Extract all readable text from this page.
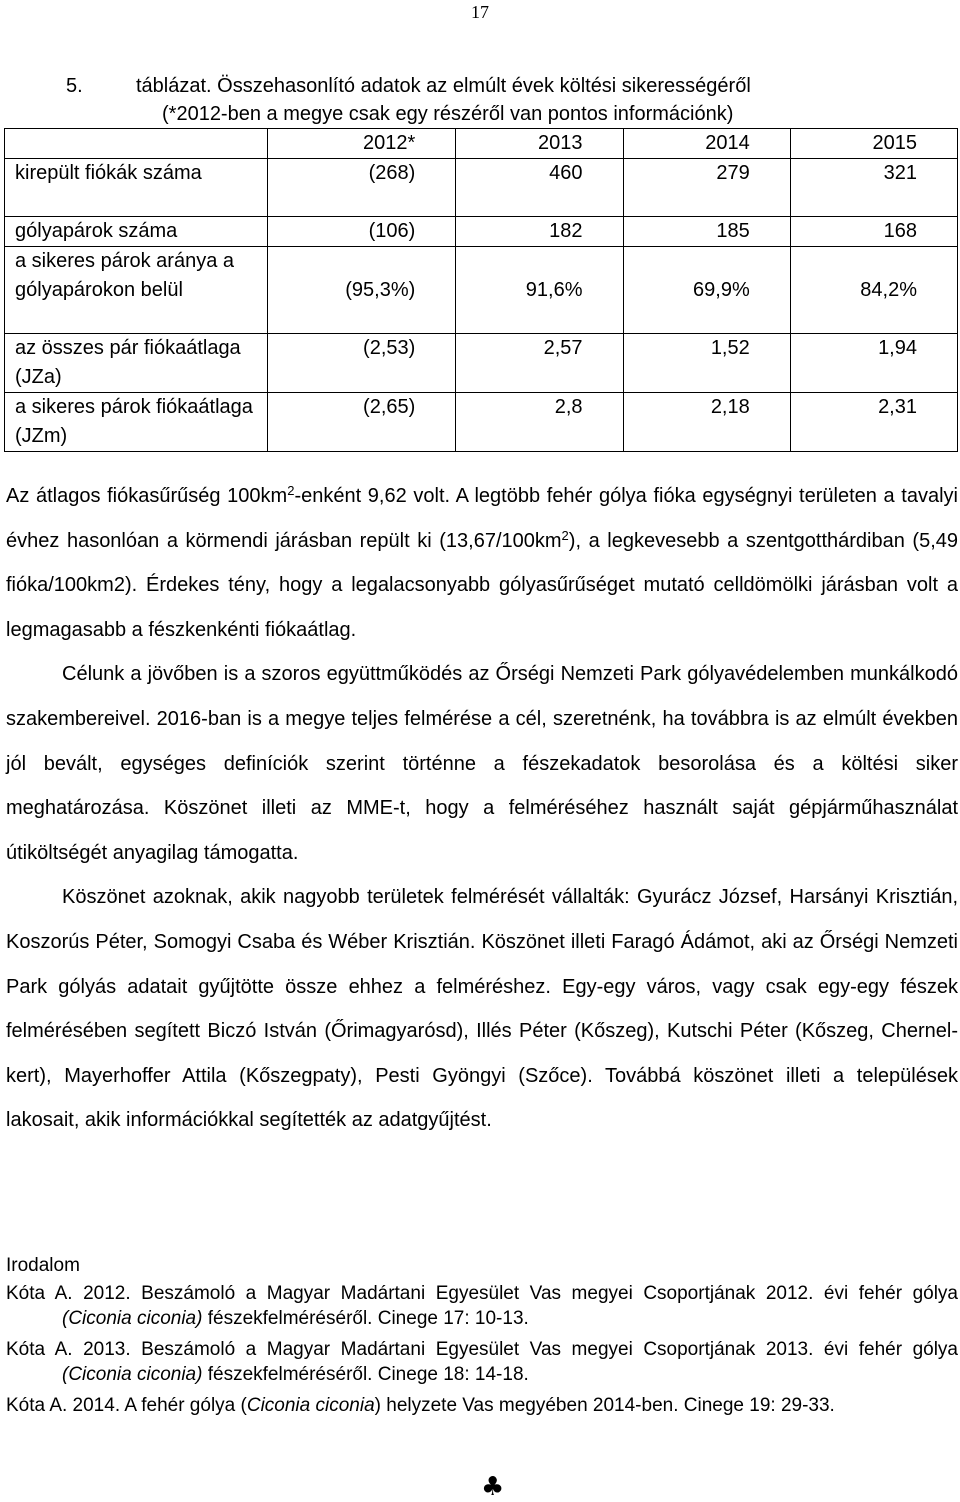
17
5.	táblázat. Összehasonlító adatok az elmúlt évek költési sikerességéről
(*2012-ben a megye csak egy részéről van pontos információnk)
	2012*	2013	2014	2015
kirepült fiókák száma	(268)	460	279	321
gólyapárok száma	(106)	182	185	168
a sikeres párok aránya a gólyapárokon belül	(95,3%)	91,6%	69,9%	84,2%
az összes pár fiókaátlaga (JZa)	(2,53)	2,57	1,52	1,94
a sikeres párok fiókaátlaga (JZm)	(2,65)	2,8	2,18	2,31

Az átlagos fiókasűrűség $100km^2$-enként 9,62 volt. A legtöbb fehér gólya fióka egységnyi területen a tavalyi évhez hasonlóan a körmendi járásban repült ki $(13,67/100km^2)$, a legkevesebb a szentgotthárdiban (5,49 fióka/100km2). Érdekes tény, hogy a legalacsonyabb gólyasűrűséget mutató celldömölki járásban volt a legmagasabb a fészkenkénti fiókaátlag.

Célunk a jövőben is a szoros együttműködés az Őrségi Nemzeti Park gólyavédelemben munkálkodó szakembereivel. 2016-ban is a megye teljes felmérése a cél, szeretnénk, ha továbbra is az elmúlt években jól bevált, egységes definíciók szerint történne a fészekadatok besorolása és a költési siker meghatározása. Köszönet illeti az MME-t, hogy a felméréséhez használt saját gépjárműhasználat útiköltségét anyagilag támogatta.

Köszönet azoknak, akik nagyobb területek felmérését vállalták: Gyurácz József, Harsányi Krisztián, Koszorús Péter, Somogyi Csaba és Wéber Krisztián. Köszönet illeti Faragó Ádámot, aki az Őrségi Nemzeti Park gólyás adatait gyűjtötte össze ehhez a felméréshez. Egy-egy város, vagy csak egy-egy fészek felmérésében segített Biczó István (Őrimagyarósd), Illés Péter (Kőszeg), Kutschi Péter (Kőszeg, Chernel-kert), Mayerhoffer Attila (Kőszegpaty), Pesti Gyöngyi (Szőce). Továbbá köszönet illeti a települések lakosait, akik információkkal segítették az adatgyűjtést.

Irodalom
Kóta A. 2012. Beszámoló a Magyar Madártani Egyesület Vas megyei Csoportjának 2012. évi fehér gólya (Ciconia ciconia) fészekfelméréséről. Cinege 17: 10-13.
Kóta A. 2013. Beszámoló a Magyar Madártani Egyesület Vas megyei Csoportjának 2013. évi fehér gólya (Ciconia ciconia) fészekfelméréséről. Cinege 18: 14-18.
Kóta A. 2014. A fehér gólya (Ciconia ciconia) helyzete Vas megyében 2014-ben. Cinege 19: 29-33.
♣
